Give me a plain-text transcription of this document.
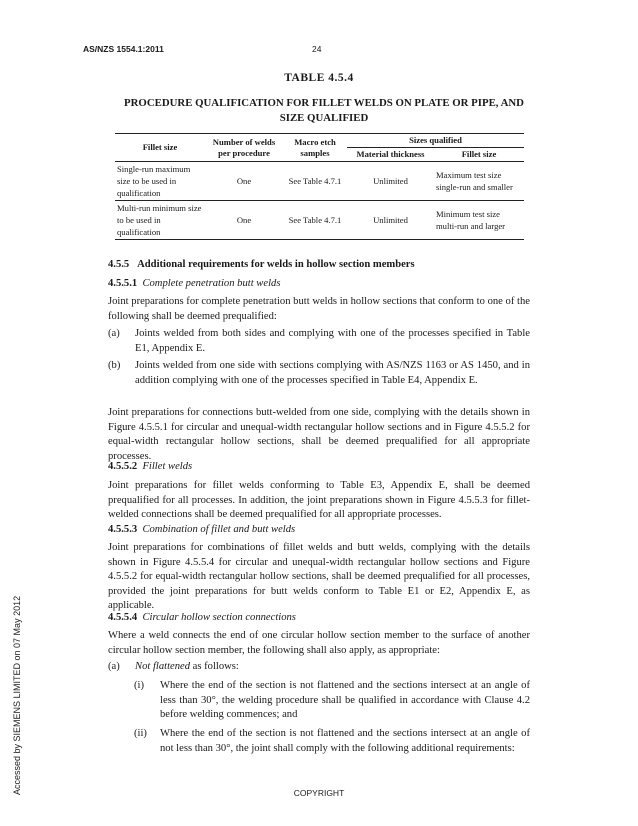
AS/NZS 1554.1:2011	24
TABLE 4.5.4
PROCEDURE QUALIFICATION FOR FILLET WELDS ON PLATE OR PIPE, AND SIZE QUALIFIED
Fillet size	Number of welds per procedure	Macro etch samples	Sizes qualified	
			Material thickness	Fillet size
Single-run maximum size to be used in qualification	One	See Table 4.7.1	Unlimited	Maximum test size single-run and smaller
Multi-run minimum size to be used in qualification	One	See Table 4.7.1	Unlimited	Minimum test size multi-run and larger
4.5.5 Additional requirements for welds in hollow section members
4.5.5.1 Complete penetration butt welds
Joint preparations for complete penetration butt welds in hollow sections that conform to one of the following shall be deemed prequalified:
(a) Joints welded from both sides and complying with one of the processes specified in Table E1, Appendix E.
(b) Joints welded from one side with sections complying with AS/NZS 1163 or AS 1450, and in addition complying with one of the processes specified in Table E4, Appendix E.
Joint preparations for connections butt-welded from one side, complying with the details shown in Figure 4.5.5.1 for circular and unequal-width rectangular hollow sections and in Figure 4.5.5.2 for equal-width rectangular hollow sections, shall be deemed prequalified for all appropriate processes.
4.5.5.2 Fillet welds
Joint preparations for fillet welds conforming to Table E3, Appendix E, shall be deemed prequalified for all processes. In addition, the joint preparations shown in Figure 4.5.5.3 for fillet-welded connections shall be deemed prequalified for all appropriate processes.
4.5.5.3 Combination of fillet and butt welds
Joint preparations for combinations of fillet welds and butt welds, complying with the details shown in Figure 4.5.5.4 for circular and unequal-width rectangular hollow sections and Figure 4.5.5.2 for equal-width rectangular hollow sections, shall be deemed prequalified for all processes, provided the joint preparations for butt welds conform to Table E1 or E2, Appendix E, as applicable.
4.5.5.4 Circular hollow section connections
Where a weld connects the end of one circular hollow section member to the surface of another circular hollow section member, the following shall also apply, as appropriate:
(a) Not flattened as follows:
(i) Where the end of the section is not flattened and the sections intersect at an angle of less than 30°, the welding procedure shall be qualified in accordance with Clause 4.2 before welding commences; and
(ii) Where the end of the section is not flattened and the sections intersect at an angle of not less than 30°, the joint shall comply with the following additional requirements:
Accessed by SIEMENS LIMITED on 07 May 2012	COPYRIGHT
